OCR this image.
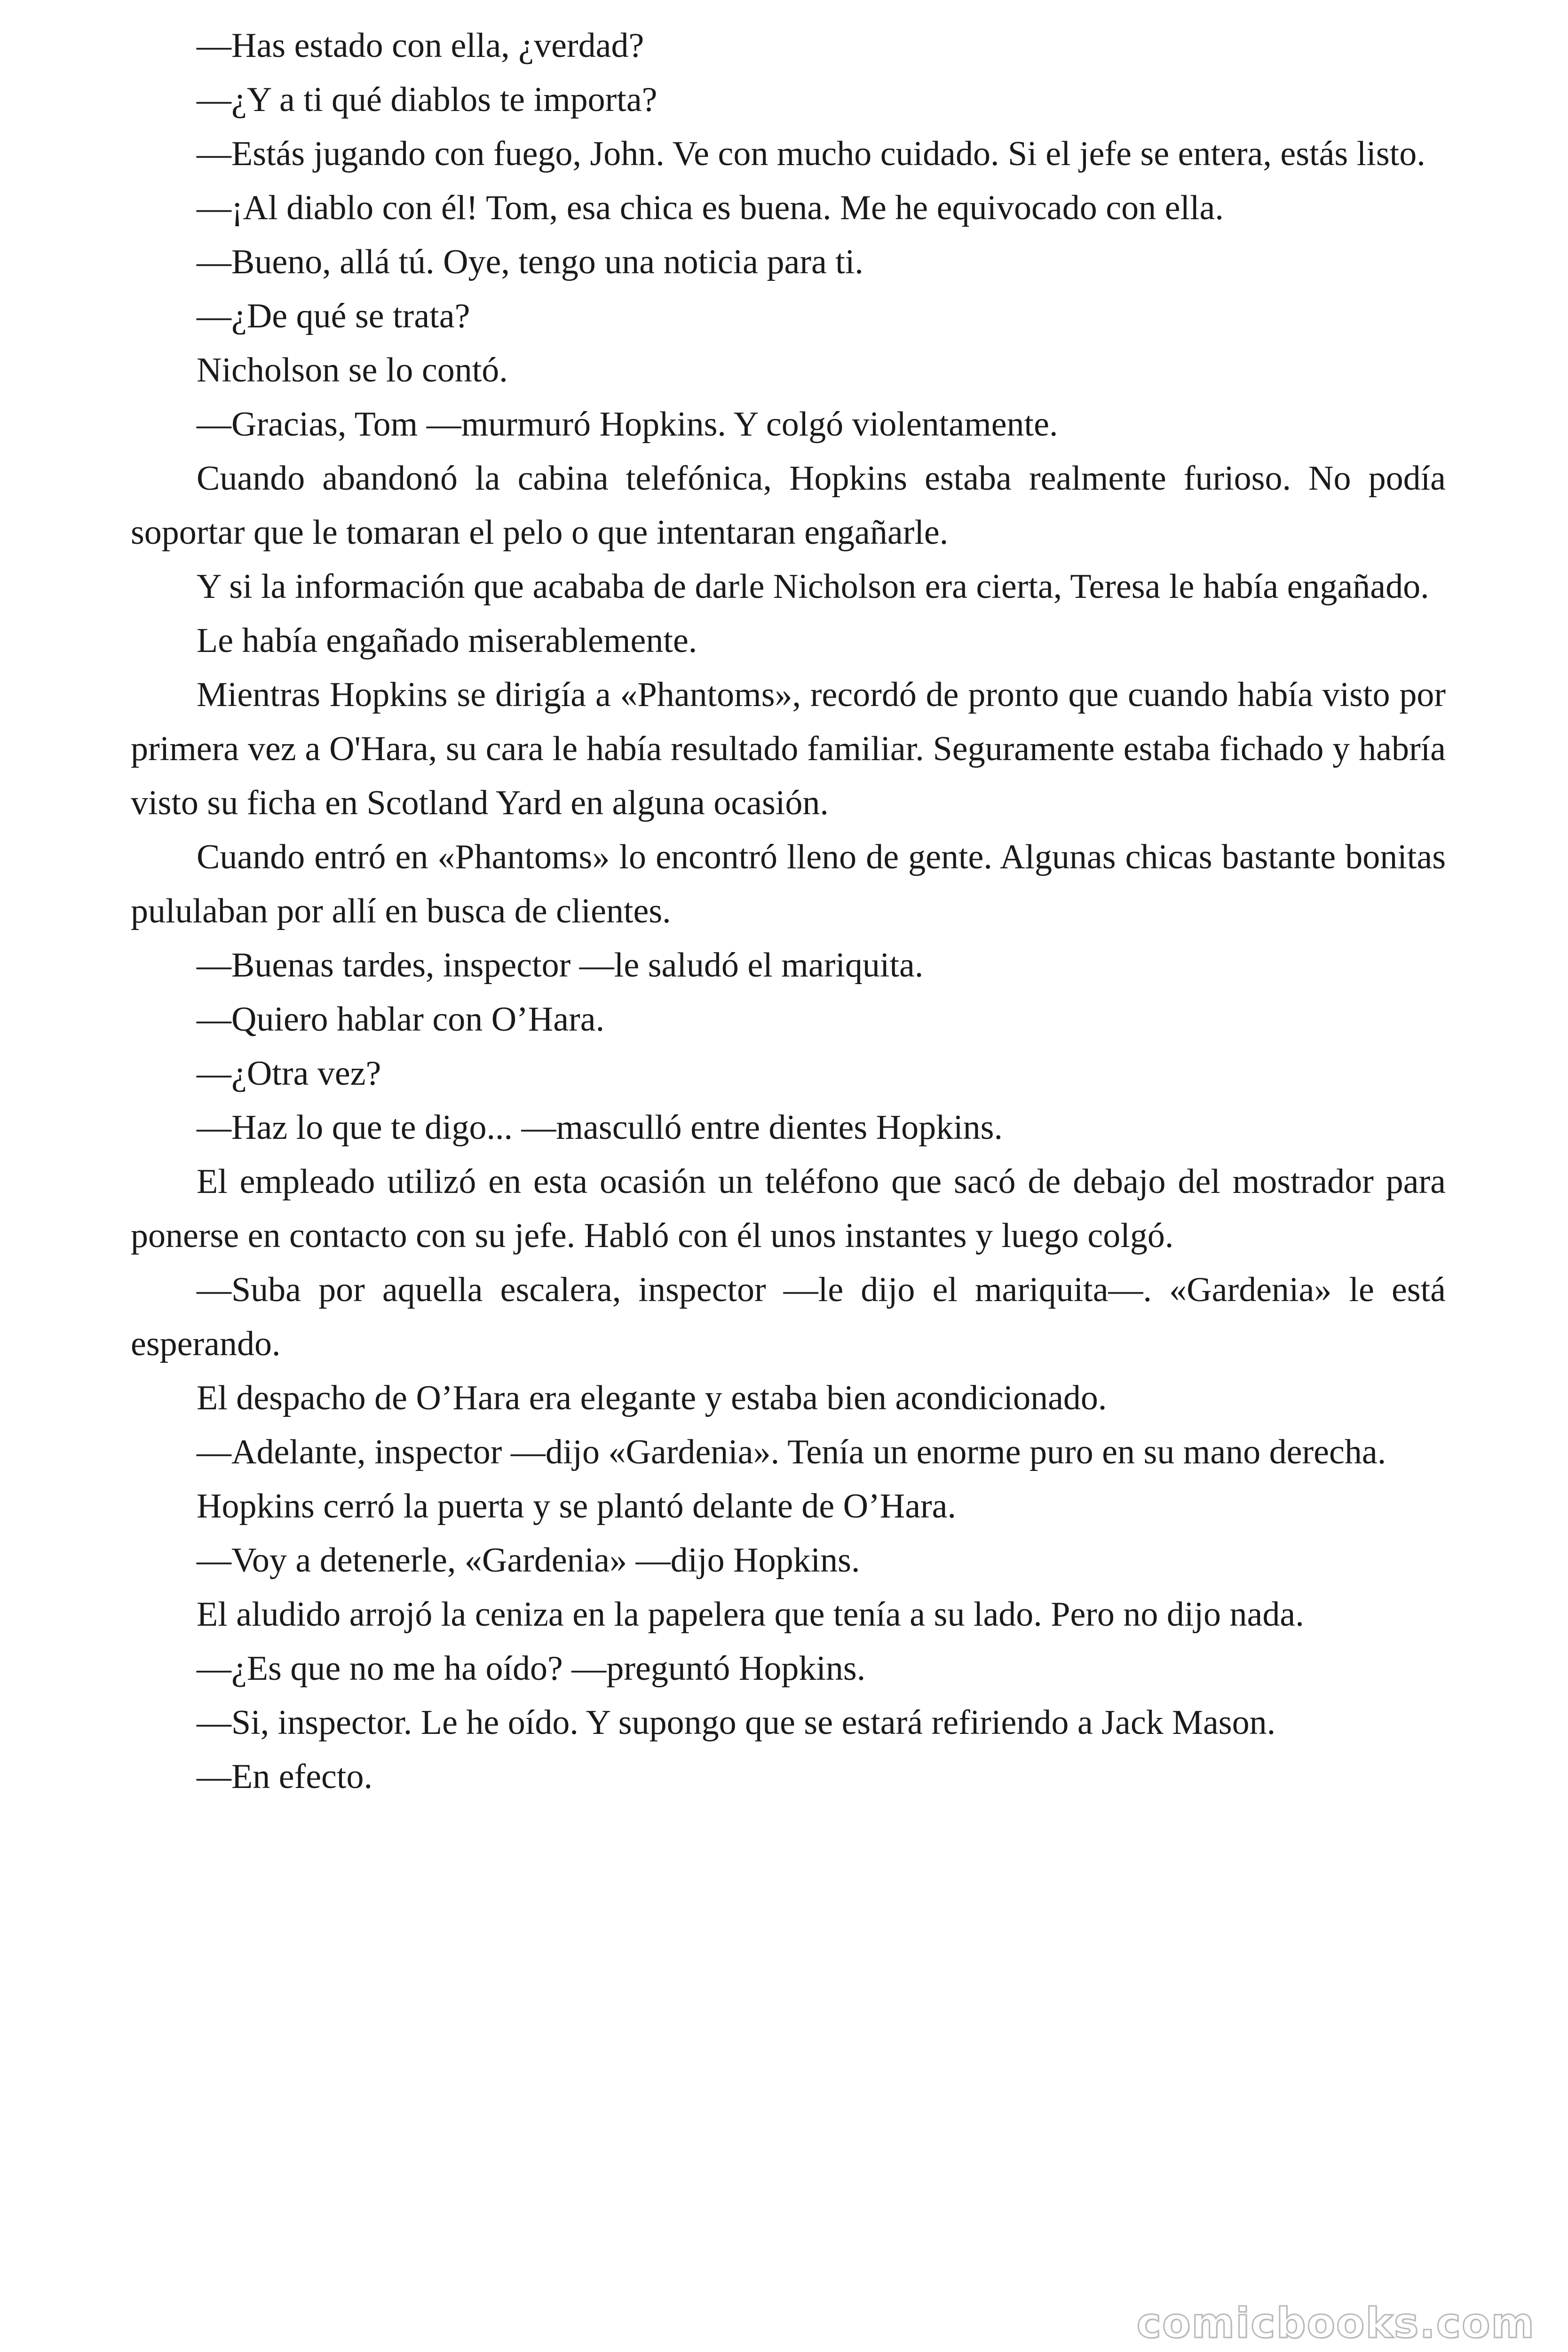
—Has estado con ella, ¿verdad?

—¿Y a ti qué diablos te importa?

—Estás jugando con fuego, John. Ve con mucho cuidado. Si el jefe se entera, estás listo.

—¡Al diablo con él! Tom, esa chica es buena. Me he equivocado con ella.

—Bueno, allá tú. Oye, tengo una noticia para ti.

—¿De qué se trata?

Nicholson se lo contó.

—Gracias, Tom —murmuró Hopkins. Y colgó violentamente.

Cuando abandonó la cabina telefónica, Hopkins estaba realmente furioso. No podía soportar que le tomaran el pelo o que intentaran engañarle.

Y si la información que acababa de darle Nicholson era cierta, Teresa le había engañado.

Le había engañado miserablemente.

Mientras Hopkins se dirigía a «Phantoms», recordó de pronto que cuando había visto por primera vez a O'Hara, su cara le había resultado familiar. Seguramente estaba fichado y habría visto su ficha en Scotland Yard en alguna ocasión.

Cuando entró en «Phantoms» lo encontró lleno de gente. Algunas chicas bastante bonitas pululaban por allí en busca de clientes.

—Buenas tardes, inspector —le saludó el mariquita.

—Quiero hablar con O’Hara.

—¿Otra vez?

—Haz lo que te digo... —masculló entre dientes Hopkins.

El empleado utilizó en esta ocasión un teléfono que sacó de debajo del mostrador para ponerse en contacto con su jefe. Habló con él unos instantes y luego colgó.

—Suba por aquella escalera, inspector —le dijo el mariquita—. «Gardenia» le está esperando.

El despacho de O’Hara era elegante y estaba bien acondicionado.

—Adelante, inspector —dijo «Gardenia». Tenía un enorme puro en su mano derecha.

Hopkins cerró la puerta y se plantó delante de O’Hara.

—Voy a detenerle, «Gardenia» —dijo Hopkins.

El aludido arrojó la ceniza en la papelera que tenía a su lado. Pero no dijo nada.

—¿Es que no me ha oído? —preguntó Hopkins.

—Si, inspector. Le he oído. Y supongo que se estará refiriendo a Jack Mason.

—En efecto.

comicbooks.com
